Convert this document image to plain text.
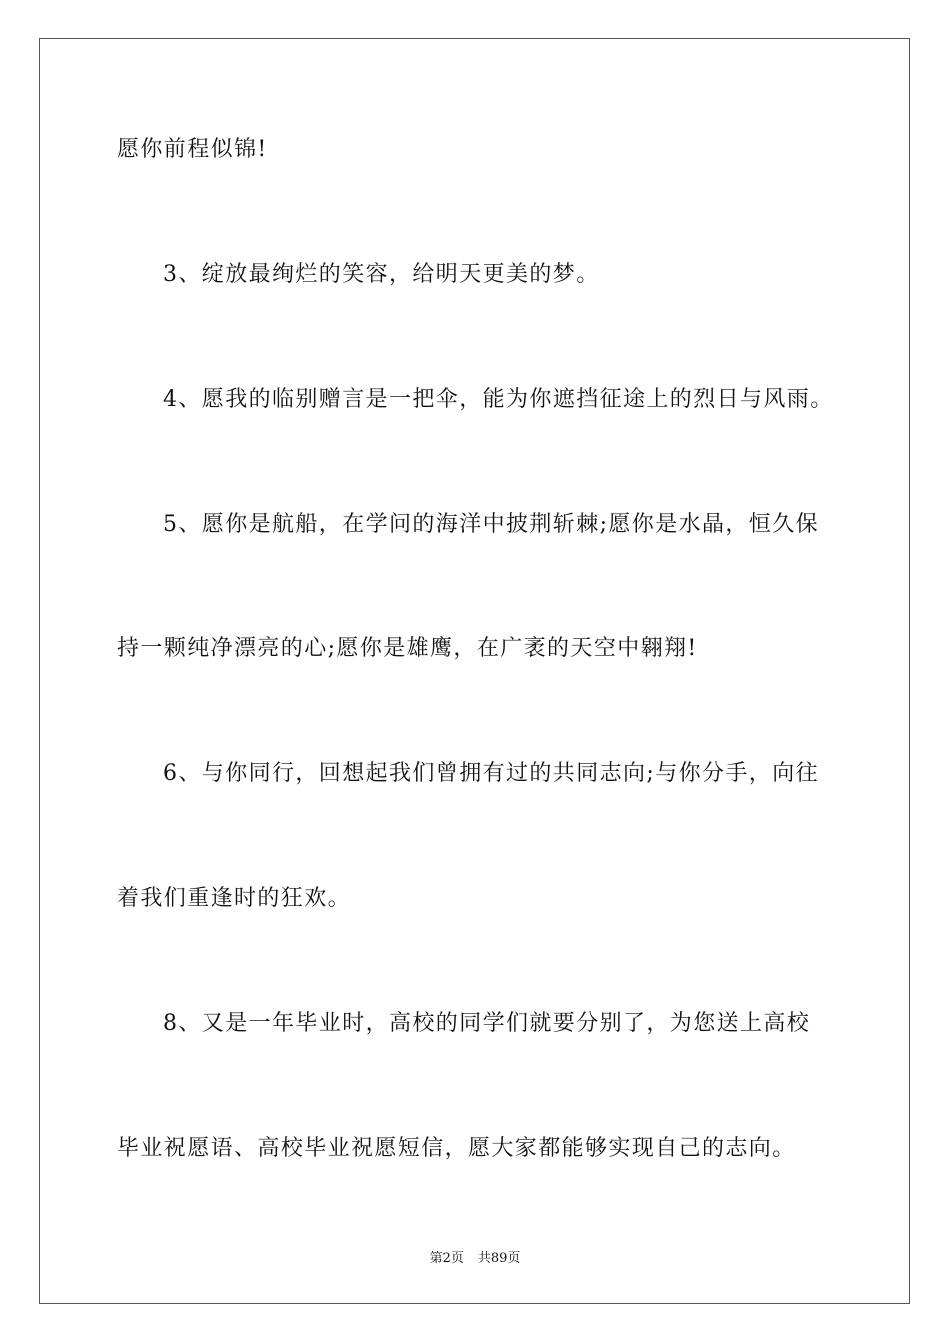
愿你前程似锦!
3、绽放最绚烂的笑容，给明天更美的梦。
4、愿我的临别赠言是一把伞，能为你遮挡征途上的烈日与风雨。
5、愿你是航船，在学问的海洋中披荆斩棘;愿你是水晶，恒久保
持一颗纯净漂亮的心;愿你是雄鹰，在广袤的天空中翱翔!
6、与你同行，回想起我们曾拥有过的共同志向;与你分手，向往
着我们重逢时的狂欢。
8、又是一年毕业时，高校的同学们就要分别了，为您送上高校
毕业祝愿语、高校毕业祝愿短信，愿大家都能够实现自己的志向。
第2页 共89页
